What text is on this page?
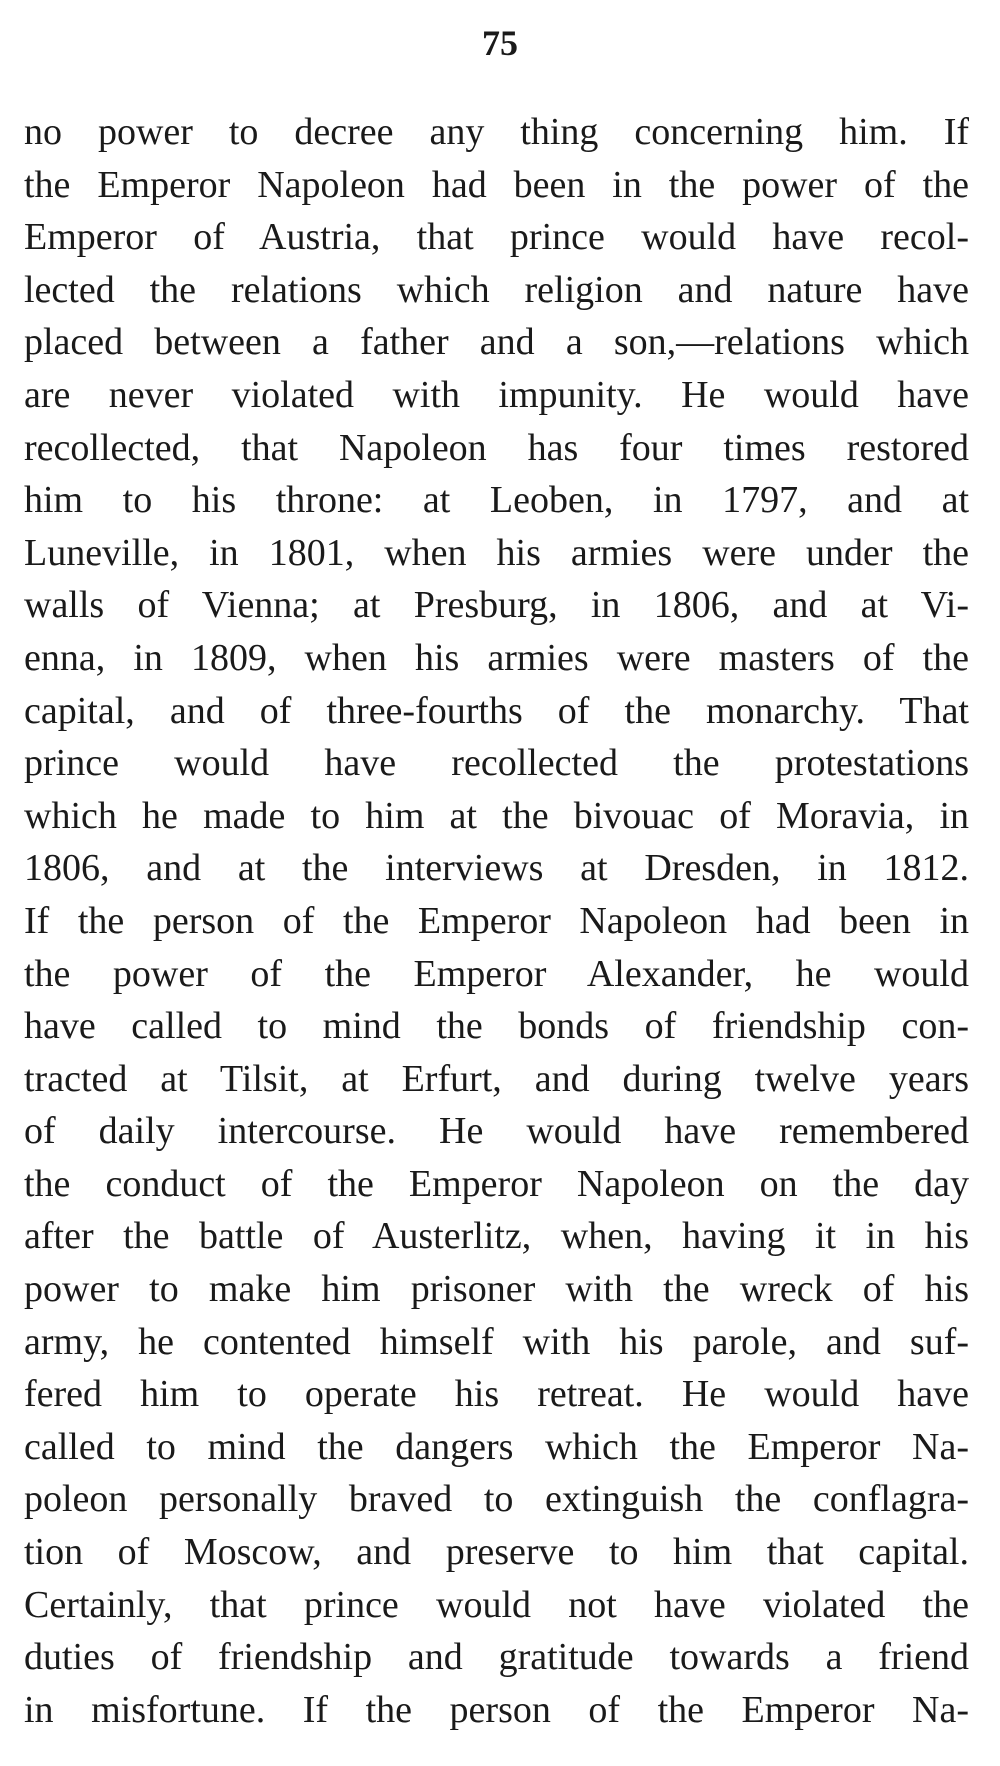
75
no power to decree any thing concerning him. If
the Emperor Napoleon had been in the power of the
Emperor of Austria, that prince would have recol-
lected the relations which religion and nature have
placed between a father and a son,—relations which
are never violated with impunity. He would have
recollected, that Napoleon has four times restored
him to his throne: at Leoben, in 1797, and at
Luneville, in 1801, when his armies were under the
walls of Vienna; at Presburg, in 1806, and at Vi-
enna, in 1809, when his armies were masters of the
capital, and of three-fourths of the monarchy. That
prince would have recollected the protestations
which he made to him at the bivouac of Moravia, in
1806, and at the interviews at Dresden, in 1812.
If the person of the Emperor Napoleon had been in
the power of the Emperor Alexander, he would
have called to mind the bonds of friendship con-
tracted at Tilsit, at Erfurt, and during twelve years
of daily intercourse. He would have remembered
the conduct of the Emperor Napoleon on the day
after the battle of Austerlitz, when, having it in his
power to make him prisoner with the wreck of his
army, he contented himself with his parole, and suf-
fered him to operate his retreat. He would have
called to mind the dangers which the Emperor Na-
poleon personally braved to extinguish the conflagra-
tion of Moscow, and preserve to him that capital.
Certainly, that prince would not have violated the
duties of friendship and gratitude towards a friend
in misfortune. If the person of the Emperor Na-
